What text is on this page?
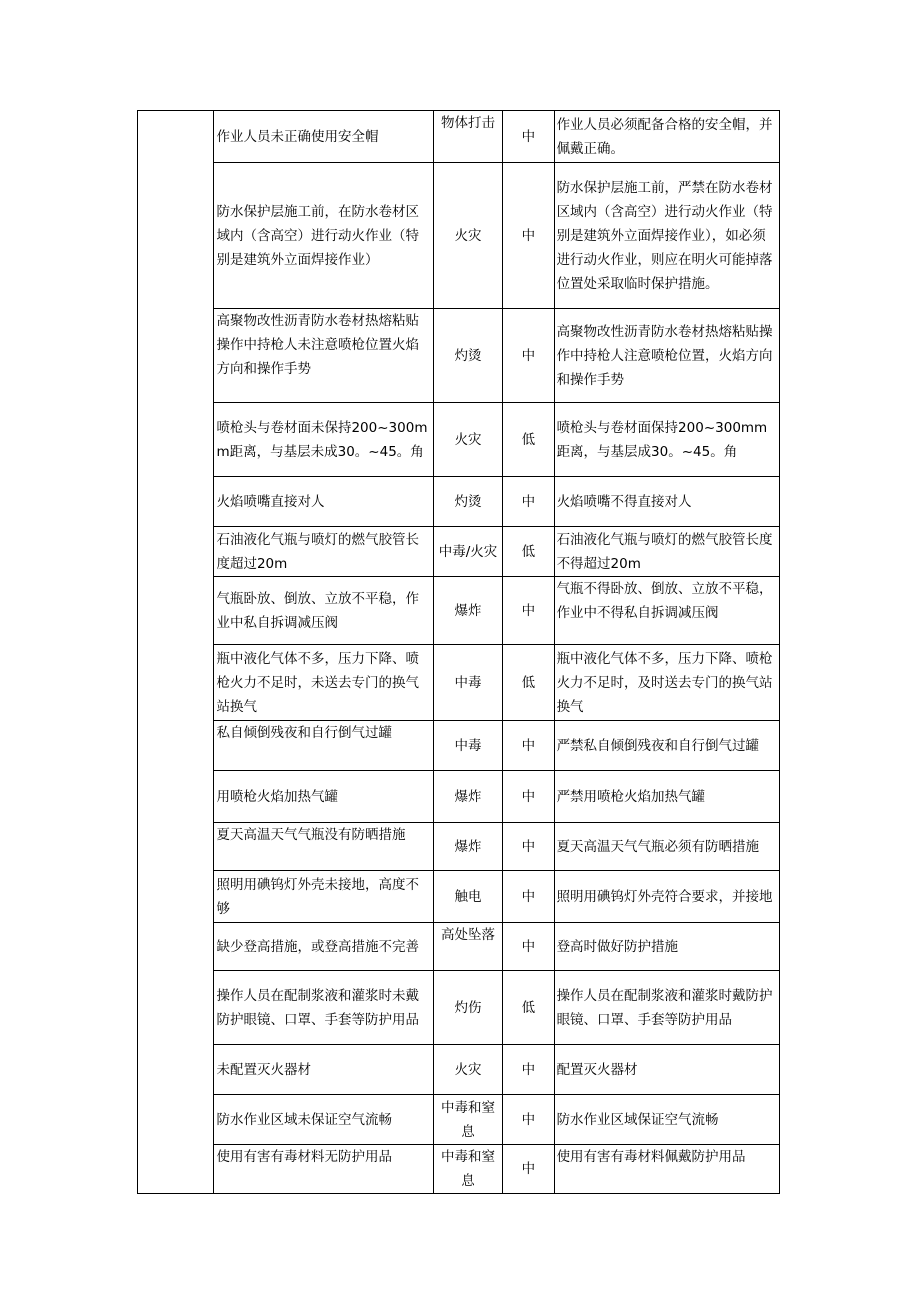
	作业人员未正确使用安全帽	物体打击	中	作业人员必须配备合格的安全帽，并佩戴正确。
	防水保护层施工前，在防水卷材区域内（含高空）进行动火作业（特别是建筑外立面焊接作业）	火灾	中	防水保护层施工前，严禁在防水卷材区域内（含高空）进行动火作业（特别是建筑外立面焊接作业），如必须进行动火作业，则应在明火可能掉落位置处采取临时保护措施。
	高聚物改性沥青防水卷材热熔粘贴操作中持枪人未注意喷枪位置火焰方向和操作手势	灼烫	中	高聚物改性沥青防水卷材热熔粘贴操作中持枪人注意喷枪位置，火焰方向和操作手势
	喷枪头与卷材面未保持200~300mm距离，与基层未成30。~45。角	火灾	低	喷枪头与卷材面保持200~300mm距离，与基层成30。~45。角
	火焰喷嘴直接对人	灼烫	中	火焰喷嘴不得直接对人
	石油液化气瓶与喷灯的燃气胶管长度超过20m	中毒/火灾	低	石油液化气瓶与喷灯的燃气胶管长度不得超过20m
	气瓶卧放、倒放、立放不平稳，作业中私自拆调减压阀	爆炸	中	气瓶不得卧放、倒放、立放不平稳，作业中不得私自拆调减压阀
	瓶中液化气体不多，压力下降、喷枪火力不足时，未送去专门的换气站换气	中毒	低	瓶中液化气体不多，压力下降、喷枪火力不足时，及时送去专门的换气站换气
	私自倾倒残夜和自行倒气过罐	中毒	中	严禁私自倾倒残夜和自行倒气过罐
	用喷枪火焰加热气罐	爆炸	中	严禁用喷枪火焰加热气罐
	夏天高温天气气瓶没有防晒措施	爆炸	中	夏天高温天气气瓶必须有防晒措施
	照明用碘钨灯外壳未接地，高度不够	触电	中	照明用碘钨灯外壳符合要求，并接地
	缺少登高措施，或登高措施不完善	高处坠落	中	登高时做好防护措施
	操作人员在配制浆液和灌浆时未戴防护眼镜、口罩、手套等防护用品	灼伤	低	操作人员在配制浆液和灌浆时戴防护眼镜、口罩、手套等防护用品
	未配置灭火器材	火灾	中	配置灭火器材
	防水作业区域未保证空气流畅	中毒和窒息	中	防水作业区域保证空气流畅
	使用有害有毒材料无防护用品	中毒和窒息	中	使用有害有毒材料佩戴防护用品
